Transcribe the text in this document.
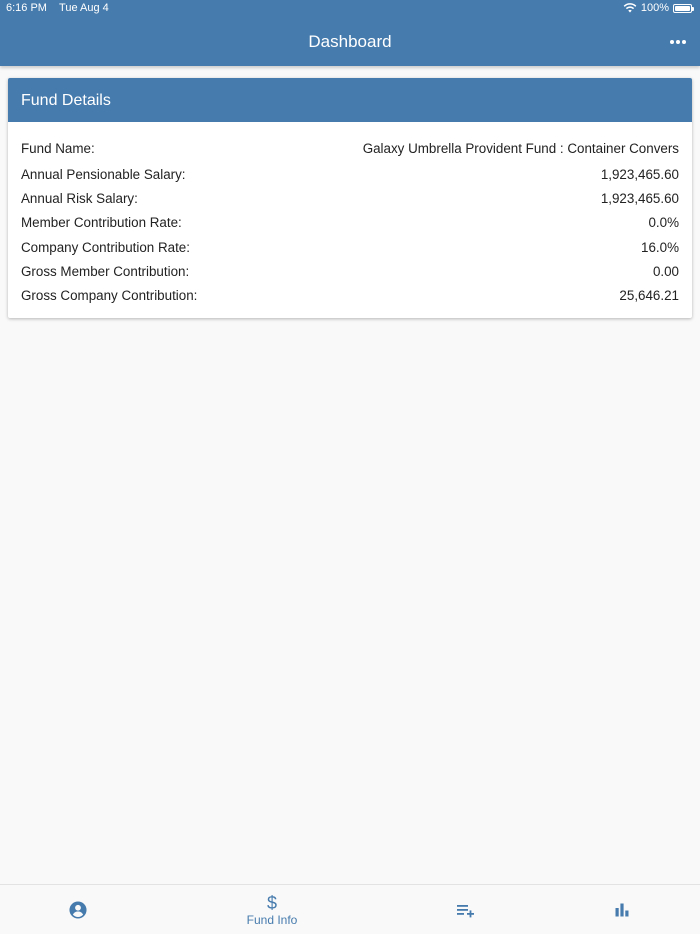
6:16 PM Tue Aug 4	100%
Dashboard
Fund Details
Fund Name:	Galaxy Umbrella Provident Fund : Container Convers
Annual Pensionable Salary:	1,923,465.60
Annual Risk Salary:	1,923,465.60
Member Contribution Rate:	0.0%
Company Contribution Rate:	16.0%
Gross Member Contribution:	0.00
Gross Company Contribution:	25,646.21
$
Fund Info
